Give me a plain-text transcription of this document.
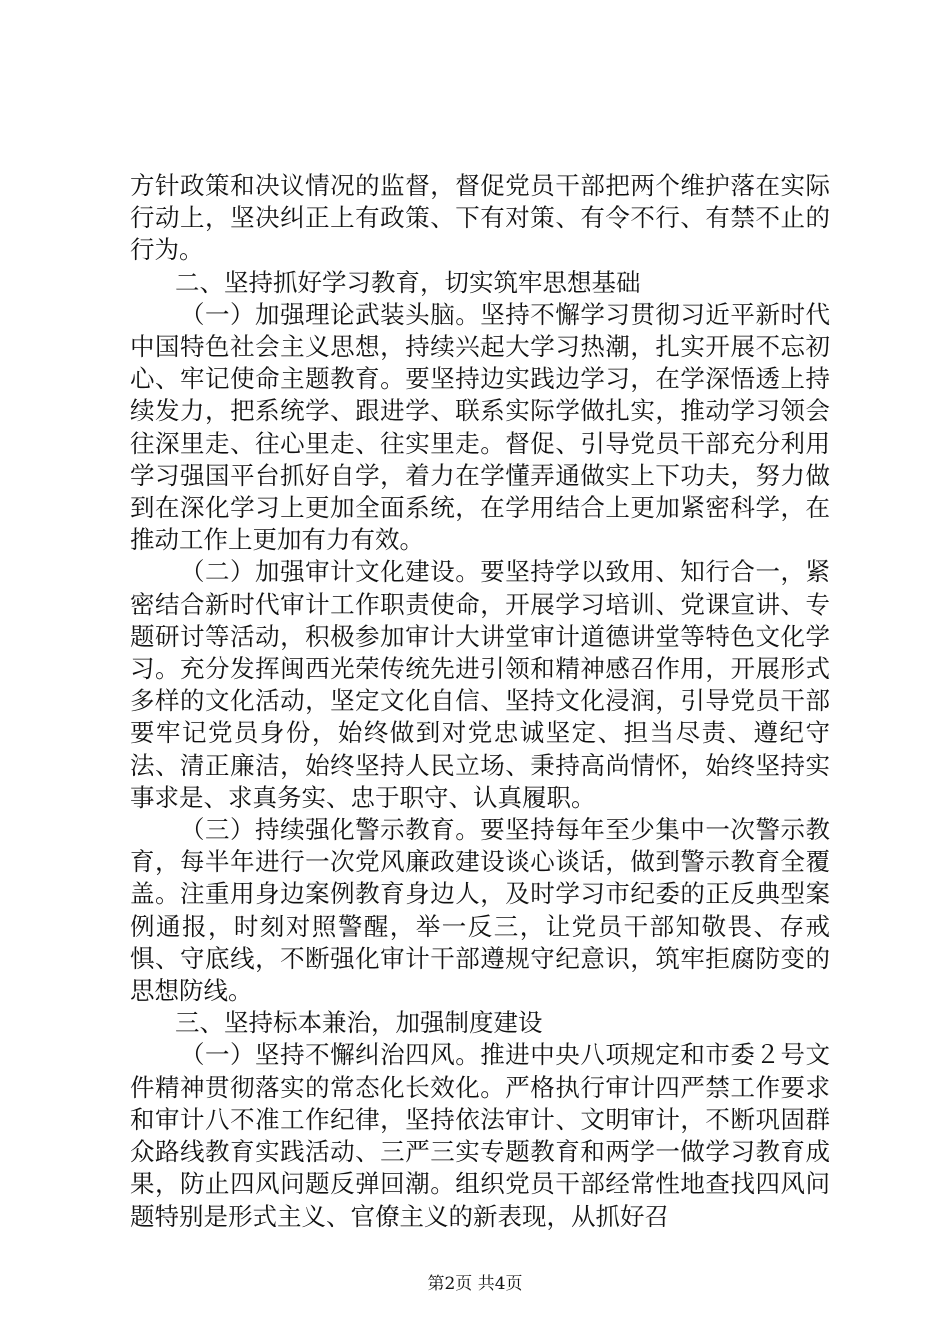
方针政策和决议情况的监督，督促党员干部把两个维护落在实际行动上，坚决纠正上有政策、下有对策、有令不行、有禁不止的行为。

二、坚持抓好学习教育，切实筑牢思想基础

（一）加强理论武装头脑。坚持不懈学习贯彻习近平新时代中国特色社会主义思想，持续兴起大学习热潮，扎实开展不忘初心、牢记使命主题教育。要坚持边实践边学习，在学深悟透上持续发力，把系统学、跟进学、联系实际学做扎实，推动学习领会往深里走、往心里走、往实里走。督促、引导党员干部充分利用学习强国平台抓好自学，着力在学懂弄通做实上下功夫，努力做到在深化学习上更加全面系统，在学用结合上更加紧密科学，在推动工作上更加有力有效。

（二）加强审计文化建设。要坚持学以致用、知行合一，紧密结合新时代审计工作职责使命，开展学习培训、党课宣讲、专题研讨等活动，积极参加审计大讲堂审计道德讲堂等特色文化学习。充分发挥闽西光荣传统先进引领和精神感召作用，开展形式多样的文化活动，坚定文化自信、坚持文化浸润，引导党员干部要牢记党员身份，始终做到对党忠诚坚定、担当尽责、遵纪守法、清正廉洁，始终坚持人民立场、秉持高尚情怀，始终坚持实事求是、求真务实、忠于职守、认真履职。

（三）持续强化警示教育。要坚持每年至少集中一次警示教育，每半年进行一次党风廉政建设谈心谈话，做到警示教育全覆盖。注重用身边案例教育身边人，及时学习市纪委的正反典型案例通报，时刻对照警醒，举一反三，让党员干部知敬畏、存戒惧、守底线，不断强化审计干部遵规守纪意识，筑牢拒腐防变的思想防线。

三、坚持标本兼治，加强制度建设

（一）坚持不懈纠治四风。推进中央八项规定和市委２号文件精神贯彻落实的常态化长效化。严格执行审计四严禁工作要求和审计八不准工作纪律，坚持依法审计、文明审计，不断巩固群众路线教育实践活动、三严三实专题教育和两学一做学习教育成果，防止四风问题反弹回潮。组织党员干部经常性地查找四风问题特别是形式主义、官僚主义的新表现，从抓好召

第2页 共4页
